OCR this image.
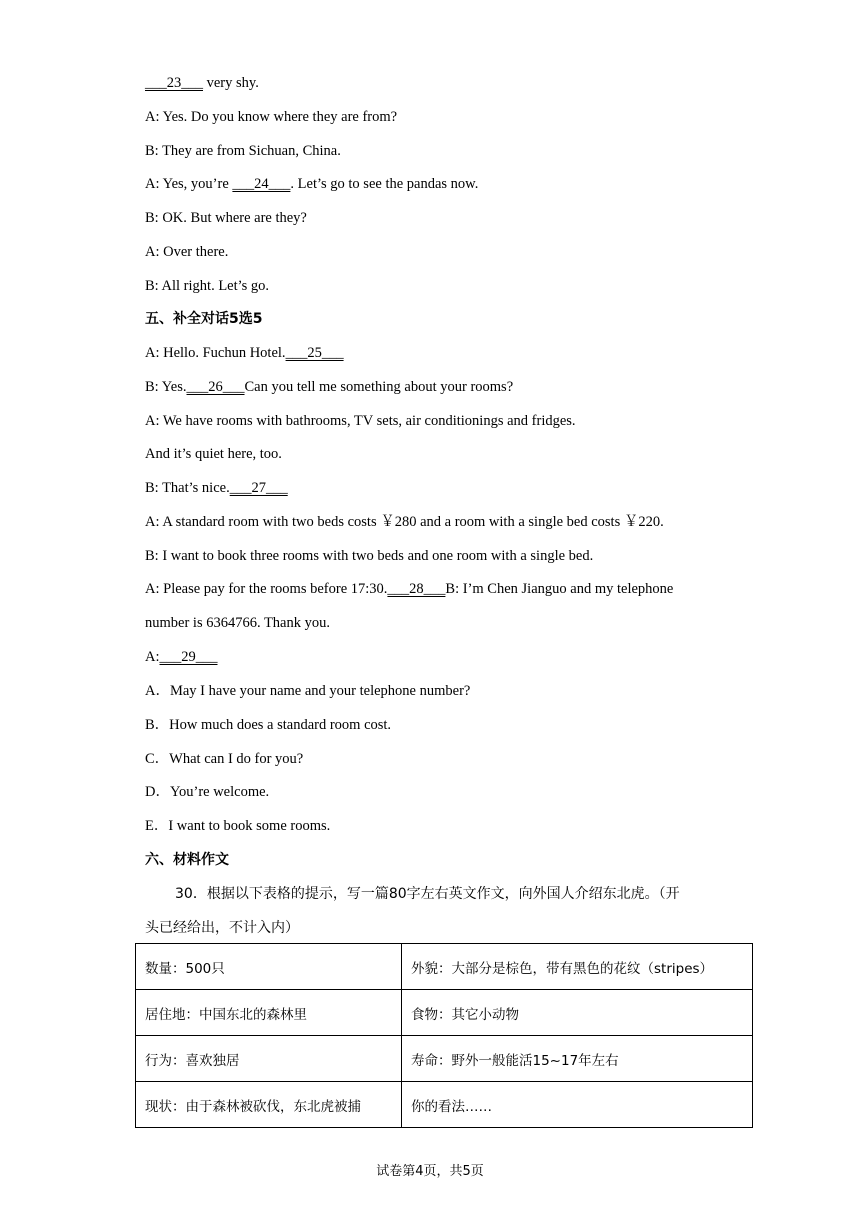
___23___ very shy.
A: Yes. Do you know where they are from?
B: They are from Sichuan, China.
A: Yes, you’re ___24___. Let’s go to see the pandas now.
B: OK. But where are they?
A: Over there.
B: All right. Let’s go.
五、补全对话5选5
A: Hello. Fuchun Hotel.___25___
B: Yes.___26___Can you tell me something about your rooms?
A: We have rooms with bathrooms, TV sets, air conditionings and fridges.
And it’s quiet here, too.
B: That’s nice.___27___
A: A standard room with two beds costs ￥280 and a room with a single bed costs ￥220.
B: I want to book three rooms with two beds and one room with a single bed.
A: Please pay for the rooms before 17:30.___28___B: I’m Chen Jianguo and my telephone
number is 6364766. Thank you.
A:___29___
A．May I have your name and your telephone number?
B．How much does a standard room cost.
C．What can I do for you?
D．You’re welcome.
E．I want to book some rooms.
六、材料作文
30．根据以下表格的提示，写一篇80字左右英文作文，向外国人介绍东北虎。（开
头已经给出，不计入内）
数量：500只	外貌：大部分是棕色，带有黑色的花纹（stripes）
居住地：中国东北的森林里	食物：其它小动物
行为：喜欢独居	寿命：野外一般能活15~17年左右
现状：由于森林被砍伐，东北虎被捕	你的看法……
试卷第4页，共5页
